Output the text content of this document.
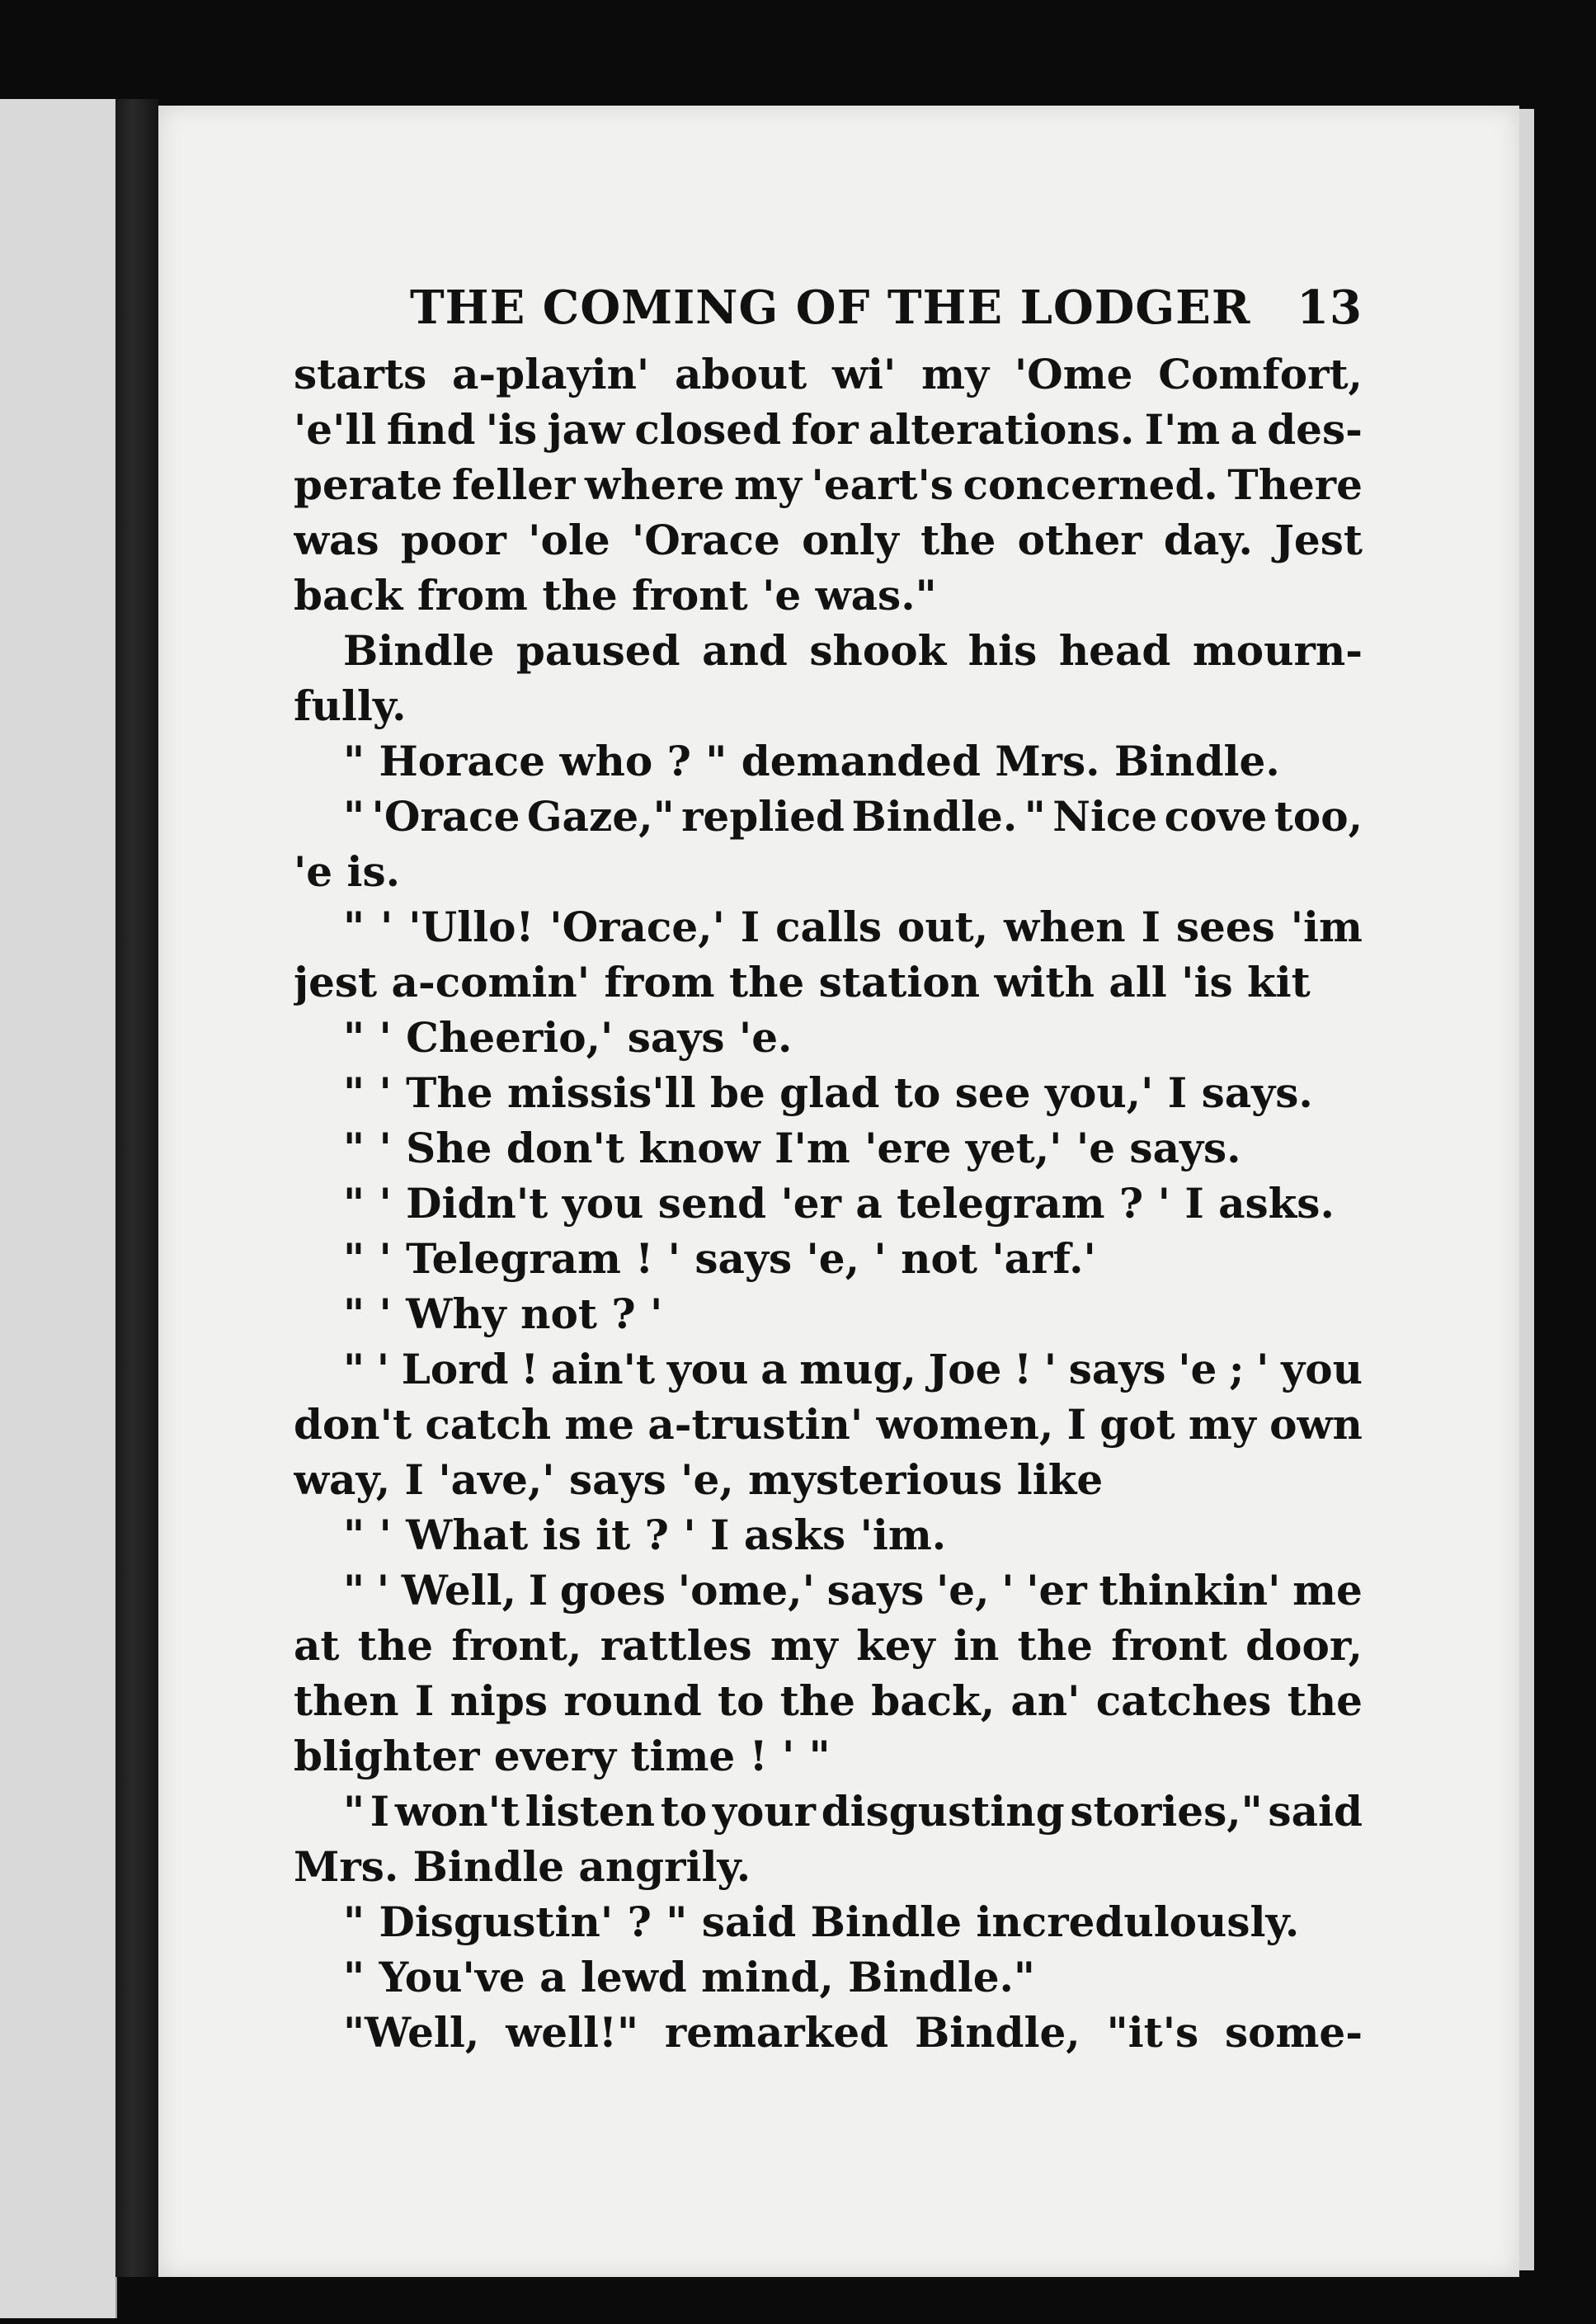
THE COMING OF THE LODGER 13
starts a-playin' about wi' my 'Ome Comfort,
'e'll find 'is jaw closed for alterations. I'm a des-
perate feller where my 'eart's concerned. There
was poor 'ole 'Orace only the other day. Jest
back from the front 'e was."
Bindle paused and shook his head mourn-
fully.
" Horace who ? " demanded Mrs. Bindle.
" 'Orace Gaze," replied Bindle. " Nice cove too,
'e is.
" ' 'Ullo! 'Orace,' I calls out, when I sees 'im
jest a-comin' from the station with all 'is kit
" ' Cheerio,' says 'e.
" ' The missis'll be glad to see you,' I says.
" ' She don't know I'm 'ere yet,' 'e says.
" ' Didn't you send 'er a telegram ? ' I asks.
" ' Telegram ! ' says 'e, ' not 'arf.'
" ' Why not ? '
" ' Lord ! ain't you a mug, Joe ! ' says 'e ; ' you
don't catch me a-trustin' women, I got my own
way, I 'ave,' says 'e, mysterious like
" ' What is it ? ' I asks 'im.
" ' Well, I goes 'ome,' says 'e, ' 'er thinkin' me
at the front, rattles my key in the front door,
then I nips round to the back, an' catches the
blighter every time ! ' "
" I won't listen to your disgusting stories," said
Mrs. Bindle angrily.
" Disgustin' ? " said Bindle incredulously.
" You've a lewd mind, Bindle."
"Well, well!" remarked Bindle, "it's some-
